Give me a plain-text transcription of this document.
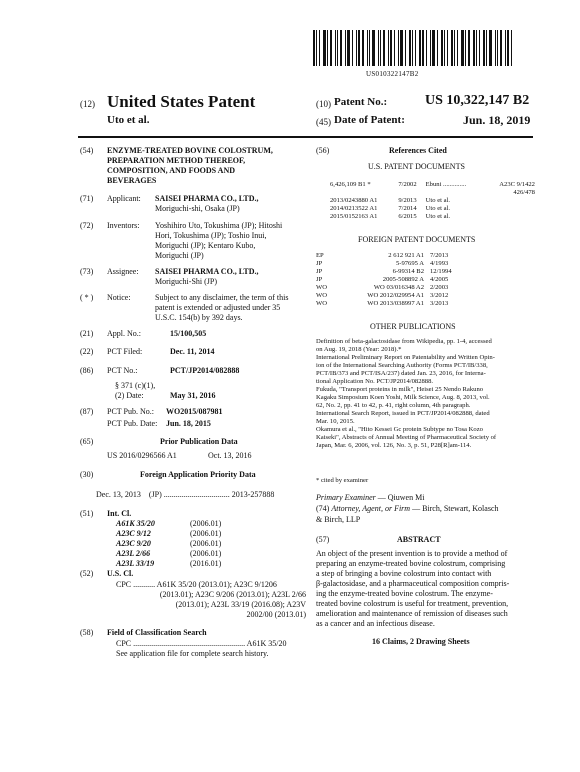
US010322147B2
(12) United States Patent
Uto et al.
(10) Patent No.:	US 10,322,147 B2
(45) Date of Patent:	Jun. 18, 2019
(54) ENZYME-TREATED BOVINE COLOSTRUM,
PREPARATION METHOD THEREOF,
COMPOSITION, AND FOODS AND
BEVERAGES
(71) Applicant: SAISEI PHARMA CO., LTD.,
Moriguchi-shi, Osaka (JP)
(72) Inventors: Yoshihiro Uto, Tokushima (JP); Hitoshi
Hori, Tokushima (JP); Toshio Inui,
Moriguchi (JP); Kentaro Kubo,
Moriguchi (JP)
(73) Assignee: SAISEI PHARMA CO., LTD.,
Moriguchi-Shi (JP)
( * ) Notice:	Subject to any disclaimer, the term of this
patent is extended or adjusted under 35
U.S.C. 154(b) by 392 days.
(21) Appl. No.:	15/100,505
(22) PCT Filed:	Dec. 11, 2014
(86) PCT No.:	PCT/JP2014/082888
§ 371 (c)(1),
(2) Date:	May 31, 2016
(87) PCT Pub. No.: WO2015/087981
PCT Pub. Date: Jun. 18, 2015
(65)	Prior Publication Data
US 2016/0296566 A1	Oct. 13, 2016
(30)	Foreign Application Priority Data
Dec. 13, 2013    (JP) ................................. 2013-257888
(51) Int. Cl.
A61K 35/20	(2006.01)
A23C 9/12	(2006.01)
A23C 9/20	(2006.01)
A23L 2/66	(2006.01)
A23L 33/19	(2016.01)
(52) U.S. Cl.
CPC ........... A61K 35/20 (2013.01); A23C 9/1206
(2013.01); A23C 9/206 (2013.01); A23L 2/66
(2013.01); A23L 33/19 (2016.08); A23V
2002/00 (2013.01)
(58) Field of Classification Search
CPC ........................................................ A61K 35/20
See application file for complete search history.
(56)	References Cited
U.S. PATENT DOCUMENTS
6,426,109 B1 *	7/2002	Ebuni ..............	A23C 9/1422
426/478
2013/0243880 A1	9/2013	Uto et al.
2014/0213522 A1	7/2014	Uto et al.
2015/0152163 A1	6/2015	Uto et al.
FOREIGN PATENT DOCUMENTS
EP	2 612 921 A1 7/2013
JP	5-97695 A 4/1993
JP	6-99314 B2 12/1994
JP	2005-508892 A 4/2005
WO	WO 03/016348 A2 2/2003
WO	WO 2012/029954 A1 3/2012
WO	WO 2013/038997 A1 3/2013
OTHER PUBLICATIONS
Definition of beta-galactosidase from Wikipedia, pp. 1-4, accessed
on Aug. 19, 2018 (Year: 2018).*
International Preliminary Report on Patentability and Written Opin-
ion of the International Searching Authority (Forms PCT/IB/338,
PCT/IB/373 and PCT/ISA/237) dated Jan. 23, 2016, for Interna-
tional Application No. PCT/JP2014/082888.
Fukuda, "Transport proteins in milk", Heisei 25 Nendo Rakuno
Kagaku Simposium Koen Yoshi, Milk Science, Aug. 8, 2013, vol.
62, No. 2, pp. 41 to 42, p. 41, right column, 4th paragraph.
International Search Report, issued in PCT/JP2014/082888, dated
Mar. 10, 2015.
Okamura et al., "Hito Kessei Gc protein Subtype no Tosa Kozo
Kaiseki", Abstracts of Annual Meeting of Pharmaceutical Society of
Japan, Mar. 6, 2006, vol. 126, No. 3, p. 51, P28[R]am-114.
* cited by examiner
Primary Examiner — Qiuwen Mi
(74) Attorney, Agent, or Firm — Birch, Stewart, Kolasch
& Birch, LLP
(57)	ABSTRACT
An object of the present invention is to provide a method of
preparing an enzyme-treated bovine colostrum, comprising
a step of bringing a bovine colostrum into contact with
β-galactosidase, and a pharmaceutical composition compris-
ing the enzyme-treated bovine colostrum. The enzyme-
treated bovine colostrum is useful for treatment, prevention,
amelioration and maintenance of remission of diseases such
as a cancer and an infectious disease.
16 Claims, 2 Drawing Sheets
